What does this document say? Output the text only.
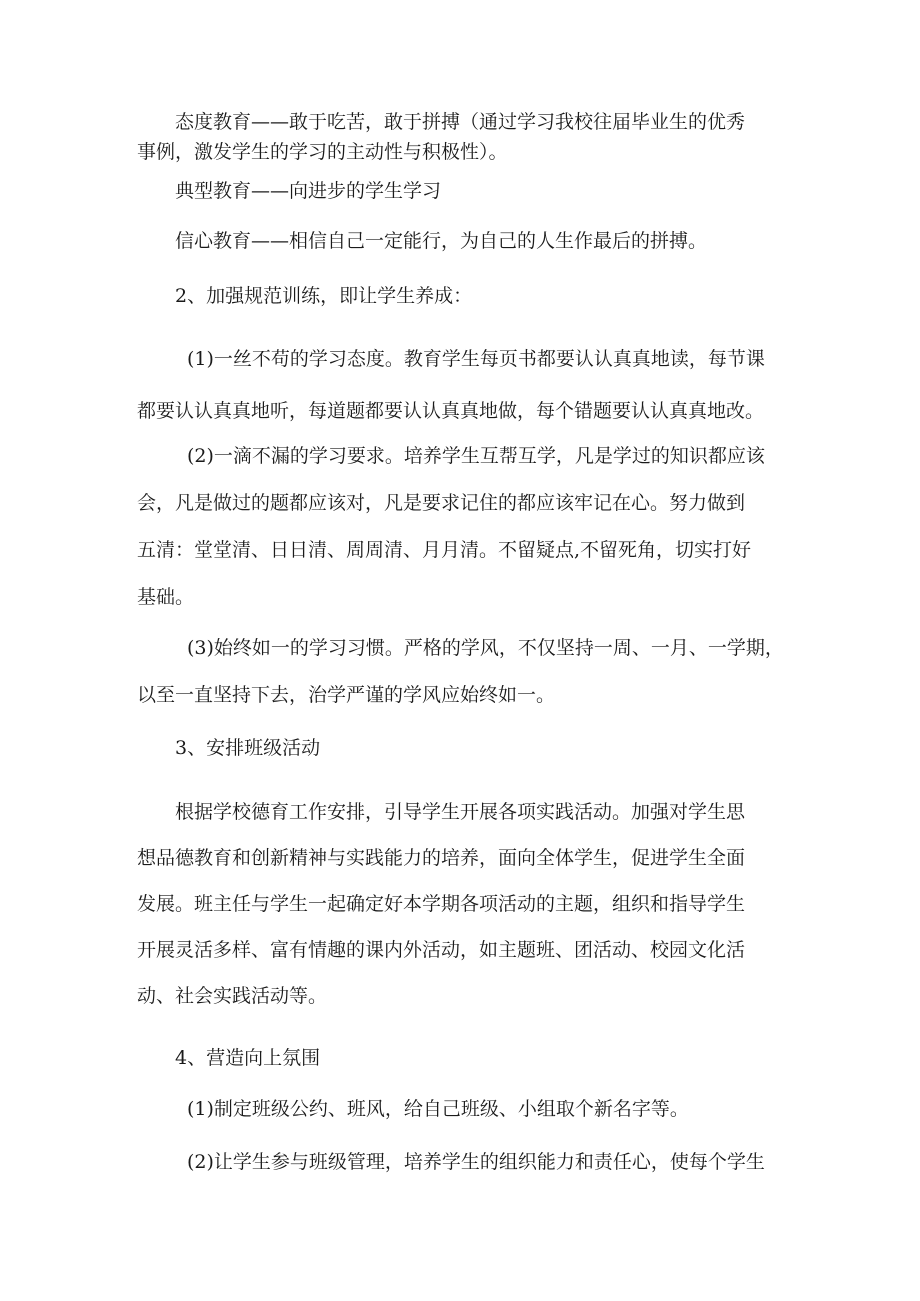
态度教育——敢于吃苦，敢于拼搏（通过学习我校往届毕业生的优秀
事例，激发学生的学习的主动性与积极性）。

典型教育——向进步的学生学习

信心教育——相信自己一定能行，为自己的人生作最后的拼搏。

2、加强规范训练，即让学生养成：

(1)一丝不苟的学习态度。教育学生每页书都要认认真真地读，每节课
都要认认真真地听，每道题都要认认真真地做，每个错题要认认真真地改。

(2)一滴不漏的学习要求。培养学生互帮互学，凡是学过的知识都应该
会，凡是做过的题都应该对，凡是要求记住的都应该牢记在心。努力做到
五清：堂堂清、日日清、周周清、月月清。不留疑点,不留死角，切实打好
基础。

(3)始终如一的学习习惯。严格的学风，不仅坚持一周、一月、一学期，
以至一直坚持下去，治学严谨的学风应始终如一。

3、安排班级活动

根据学校德育工作安排，引导学生开展各项实践活动。加强对学生思
想品德教育和创新精神与实践能力的培养，面向全体学生，促进学生全面
发展。班主任与学生一起确定好本学期各项活动的主题，组织和指导学生
开展灵活多样、富有情趣的课内外活动，如主题班、团活动、校园文化活
动、社会实践活动等。

4、营造向上氛围

(1)制定班级公约、班风，给自己班级、小组取个新名字等。

(2)让学生参与班级管理，培养学生的组织能力和责任心，使每个学生
